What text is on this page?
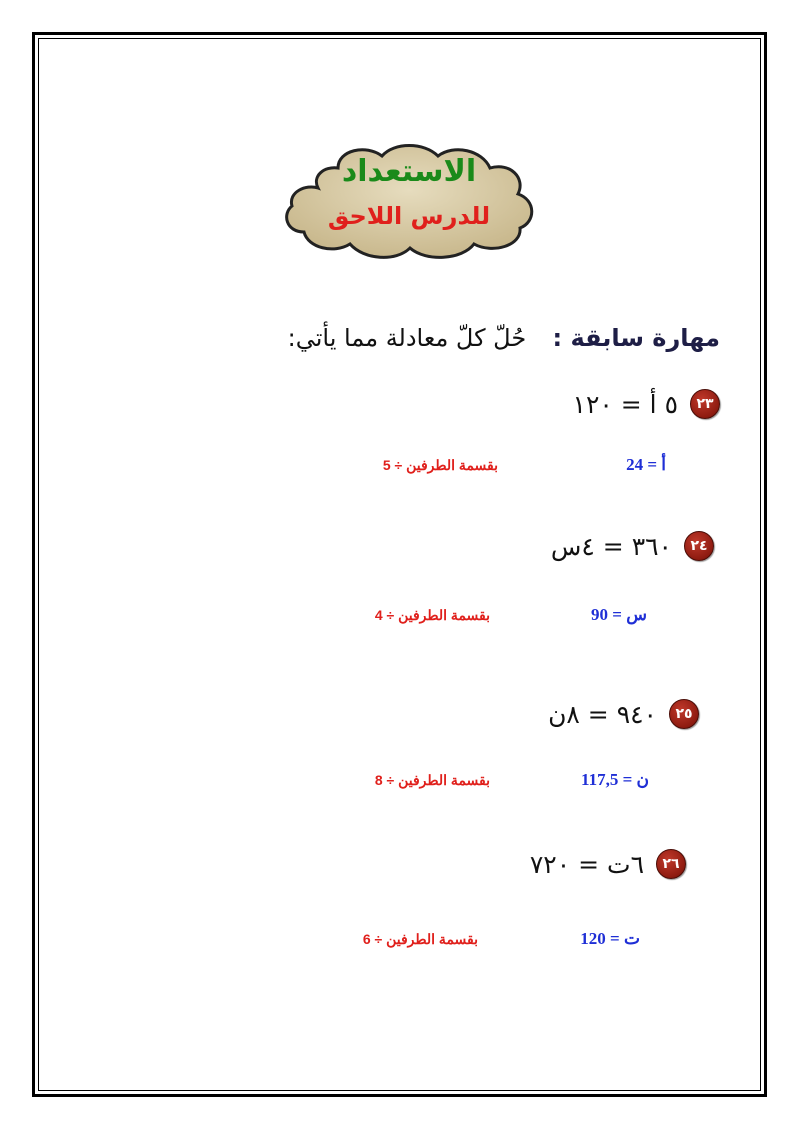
الاستعداد
للدرس اللاحق
مهارة سابقة : حُلّ كلّ معادلة مما يأتي:
٢٣
٥ أ = ١٢٠
أ = 24
بقسمة الطرفين ÷ 5
٢٤
٣٦٠ = ٤س
س = 90
بقسمة الطرفين ÷ 4
٢٥
٩٤٠ = ٨ن
ن = 117,5
بقسمة الطرفين ÷ 8
٢٦
٦ت = ٧٢٠
ت = 120
بقسمة الطرفين ÷ 6
